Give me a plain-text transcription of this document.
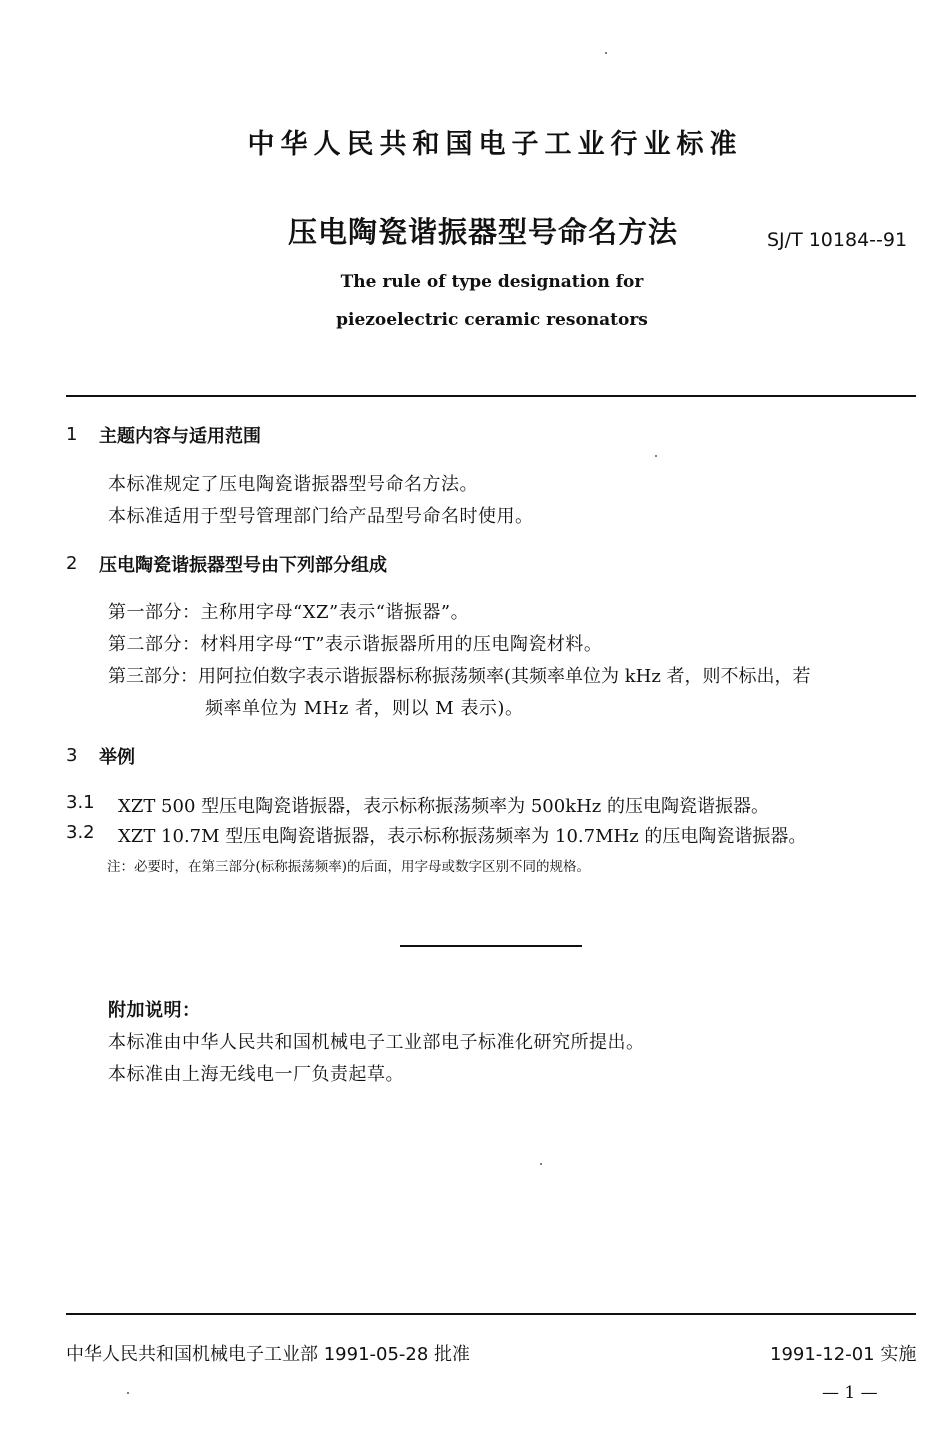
中华人民共和国电子工业行业标准
压电陶瓷谐振器型号命名方法	SJ/T 10184--91
The rule of type designation for
piezoelectric ceramic resonators
1 主题内容与适用范围
本标准规定了压电陶瓷谐振器型号命名方法。
本标准适用于型号管理部门给产品型号命名时使用。
2 压电陶瓷谐振器型号由下列部分组成
第一部分：主称用字母“XZ”表示“谐振器”。
第二部分：材料用字母“T”表示谐振器所用的压电陶瓷材料。
第三部分：用阿拉伯数字表示谐振器标称振荡频率(其频率单位为 kHz 者，则不标出，若
频率单位为 MHz 者，则以 M 表示)。
3 举例
3.1 XZT 500 型压电陶瓷谐振器，表示标称振荡频率为 500kHz 的压电陶瓷谐振器。
3.2 XZT 10.7M 型压电陶瓷谐振器，表示标称振荡频率为 10.7MHz 的压电陶瓷谐振器。
注：必要时，在第三部分(标称振荡频率)的后面，用字母或数字区别不同的规格。
附加说明：
本标准由中华人民共和国机械电子工业部电子标准化研究所提出。
本标准由上海无线电一厂负责起草。
中华人民共和国机械电子工业部 1991-05-28 批准	1991-12-01 实施
— 1 —
